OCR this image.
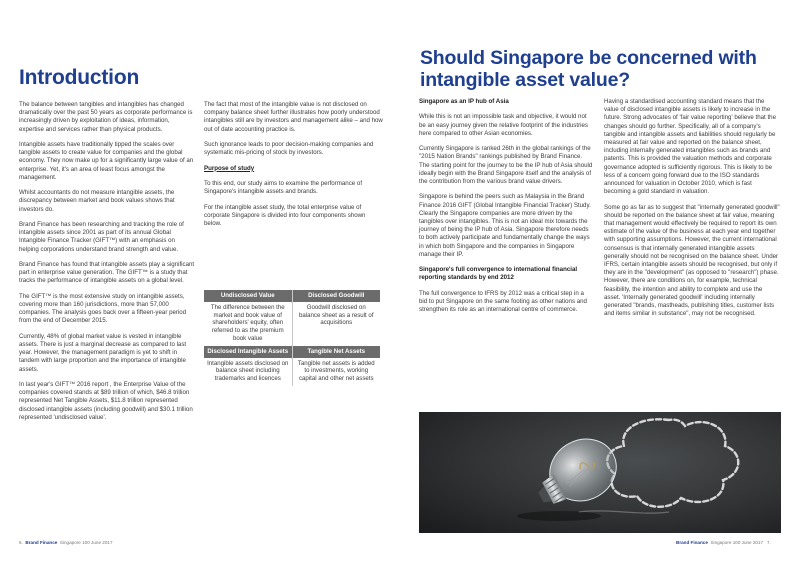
Introduction

The balance between tangibles and intangibles has changed dramatically over the past 50 years as corporate performance is increasingly driven by exploitation of ideas, information, expertise and services rather than physical products.

Intangible assets have traditionally tipped the scales over tangible assets to create value for companies and the global economy. They now make up for a significantly large value of an enterprise. Yet, it's an area of least focus amongst the management.

Whilst accountants do not measure intangible assets, the discrepancy between market and book values shows that investors do.

Brand Finance has been researching and tracking the role of intangible assets since 2001 as part of its annual Global Intangible Finance Tracker (GIFT™) with an emphasis on helping corporations understand brand strength and value.

Brand Finance has found that intangible assets play a significant part in enterprise value generation. The GIFT™ is a study that tracks the performance of intangible assets on a global level.

The GIFT™ is the most extensive study on intangible assets, covering more than 160 jurisdictions, more than 57,000 companies. The analysis goes back over a fifteen-year period from the end of December 2015.

Currently, 48% of global market value is vested in intangible assets. There is just a marginal decrease as compared to last year. However, the management paradigm is yet to shift in tandem with large proportion and the importance of intangible assets.

In last year's GIFT™ 2016 report , the Enterprise Value of the companies covered stands at $89 trillion of which, $46.8 trillion represented Net Tangible Assets, $11.8 trillion represented disclosed intangible assets (including goodwill) and $30.1 trillion represented 'undisclosed value'.

The fact that most of the intangible value is not disclosed on company balance sheet further illustrates how poorly understood intangibles still are by investors and management alike – and how out of date accounting practice is.

Such ignorance leads to poor decision-making companies and systematic mis-pricing of stock by investors.

Purpose of study

To this end, our study aims to examine the performance of Singapore's intangible assets and brands.

For the intangible asset study, the total enterprise value of corporate Singapore is divided into four components shown below.

Undisclosed Value	Disclosed Goodwill
The difference between the market and book value of shareholders' equity, often referred to as the premium book value	Goodwill disclosed on balance sheet as a result of acquisitions
Disclosed Intangible Assets	Tangible Net Assets
Intangible assets disclosed on balance sheet including trademarks and licences	Tangible net assets is added to investments, working capital and other net assets
6. Brand Finance Singapore 100 June 2017
Should Singapore be concerned with intangible asset value?

Singapore as an IP hub of Asia

While this is not an impossible task and objective, it would not be an easy journey given the relative footprint of the industries here compared to other Asian economies.

Currently Singapore is ranked 26th in the global rankings of the "2015 Nation Brands" rankings published by Brand Finance. The starting point for the journey to be the IP hub of Asia should ideally begin with the Brand Singapore itself and the analysis of the contribution from the various brand value drivers.

Singapore is behind the peers such as Malaysia in the Brand Finance 2016 GIFT (Global Intangible Financial Tracker) Study. Clearly the Singapore companies are more driven by the tangibles over intangibles. This is not an ideal mix towards the journey of being the IP hub of Asia. Singapore therefore needs to both actively participate and fundamentally change the ways in which both Singapore and the companies in Singapore manage their IP.

Singapore's full convergence to international financial reporting standards by end 2012

The full convergence to IFRS by 2012 was a critical step in a bid to put Singapore on the same footing as other nations and strengthen its role as an international centre of commerce.

Having a standardised accounting standard means that the value of disclosed intangible assets is likely to increase in the future. Strong advocates of 'fair value reporting' believe that the changes should go further. Specifically, all of a company's tangible and intangible assets and liabilities should regularly be measured at fair value and reported on the balance sheet, including internally generated intangibles such as brands and patents. This is provided the valuation methods and corporate governance adopted is sufficiently rigorous. This is likely to be less of a concern going forward due to the ISO standards announced for valuation in October 2010, which is fast becoming a gold standard in valuation.

Some go as far as to suggest that "internally generated goodwill" should be reported on the balance sheet at fair value, meaning that management would effectively be required to report its own estimate of the value of the business at each year end together with supporting assumptions. However, the current international consensus is that internally generated intangible assets generally should not be recognised on the balance sheet. Under IFRS, certain intangible assets should be recognised, but only if they are in the "development" (as opposed to "research") phase. However, there are conditions on, for example, technical feasibility, the intention and ability to complete and use the asset. 'Internally generated goodwill' including internally generated "brands, mastheads, publishing titles, customer lists and items similar in substance", may not be recognised.

Brand Finance Singapore 100 June 2017 7.
